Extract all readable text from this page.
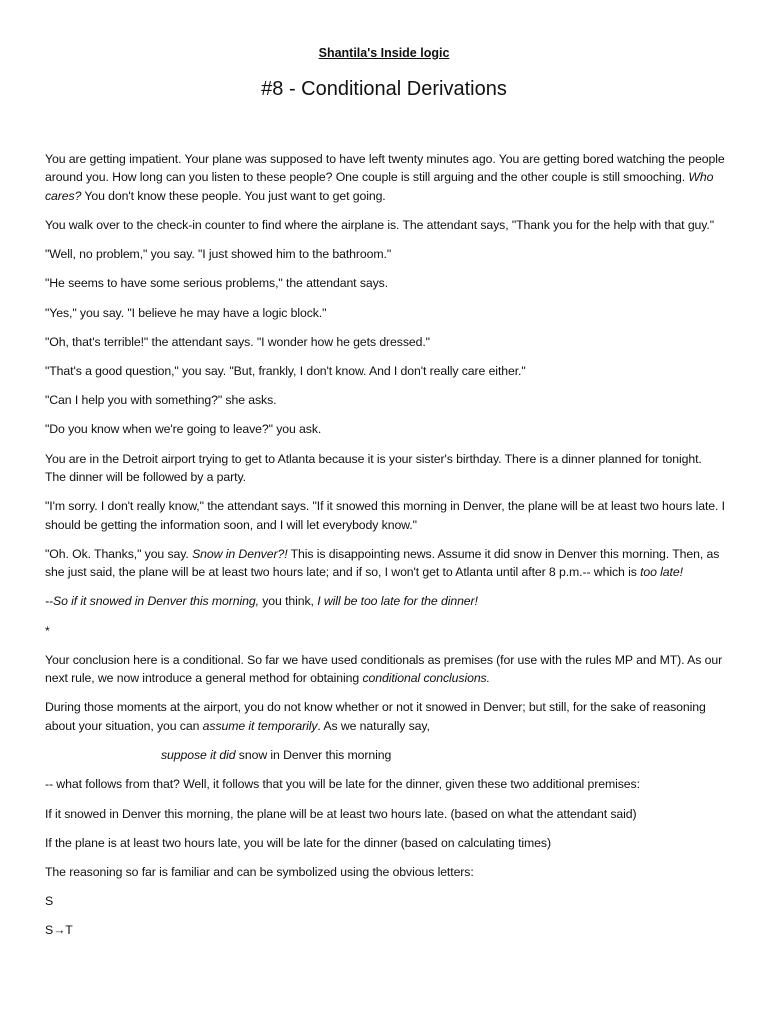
Shantila's Inside logic
#8 - Conditional Derivations

You are getting impatient. Your plane was supposed to have left twenty minutes ago. You are getting bored watching the people around you. How long can you listen to these people? One couple is still arguing and the other couple is still smooching. Who cares? You don't know these people. You just want to get going.

You walk over to the check-in counter to find where the airplane is. The attendant says, "Thank you for the help with that guy."

"Well, no problem," you say. "I just showed him to the bathroom."

"He seems to have some serious problems," the attendant says.

"Yes," you say. "I believe he may have a logic block."

"Oh, that's terrible!" the attendant says. "I wonder how he gets dressed."

"That's a good question," you say. "But, frankly, I don't know. And I don't really care either."

"Can I help you with something?" she asks.

"Do you know when we're going to leave?" you ask.

You are in the Detroit airport trying to get to Atlanta because it is your sister's birthday. There is a dinner planned for tonight. The dinner will be followed by a party.

"I'm sorry. I don't really know," the attendant says. "If it snowed this morning in Denver, the plane will be at least two hours late. I should be getting the information soon, and I will let everybody know."

"Oh. Ok. Thanks," you say. Snow in Denver?! This is disappointing news. Assume it did snow in Denver this morning. Then, as she just said, the plane will be at least two hours late; and if so, I won't get to Atlanta until after 8 p.m.-- which is too late!

--So if it snowed in Denver this morning, you think, I will be too late for the dinner!

*

Your conclusion here is a conditional. So far we have used conditionals as premises (for use with the rules MP and MT). As our next rule, we now introduce a general method for obtaining conditional conclusions.

During those moments at the airport, you do not know whether or not it snowed in Denver; but still, for the sake of reasoning about your situation, you can assume it temporarily. As we naturally say,

suppose it did snow in Denver this morning

-- what follows from that? Well, it follows that you will be late for the dinner, given these two additional premises:

If it snowed in Denver this morning, the plane will be at least two hours late. (based on what the attendant said)

If the plane is at least two hours late, you will be late for the dinner (based on calculating times)

The reasoning so far is familiar and can be symbolized using the obvious letters:

S

S→T
